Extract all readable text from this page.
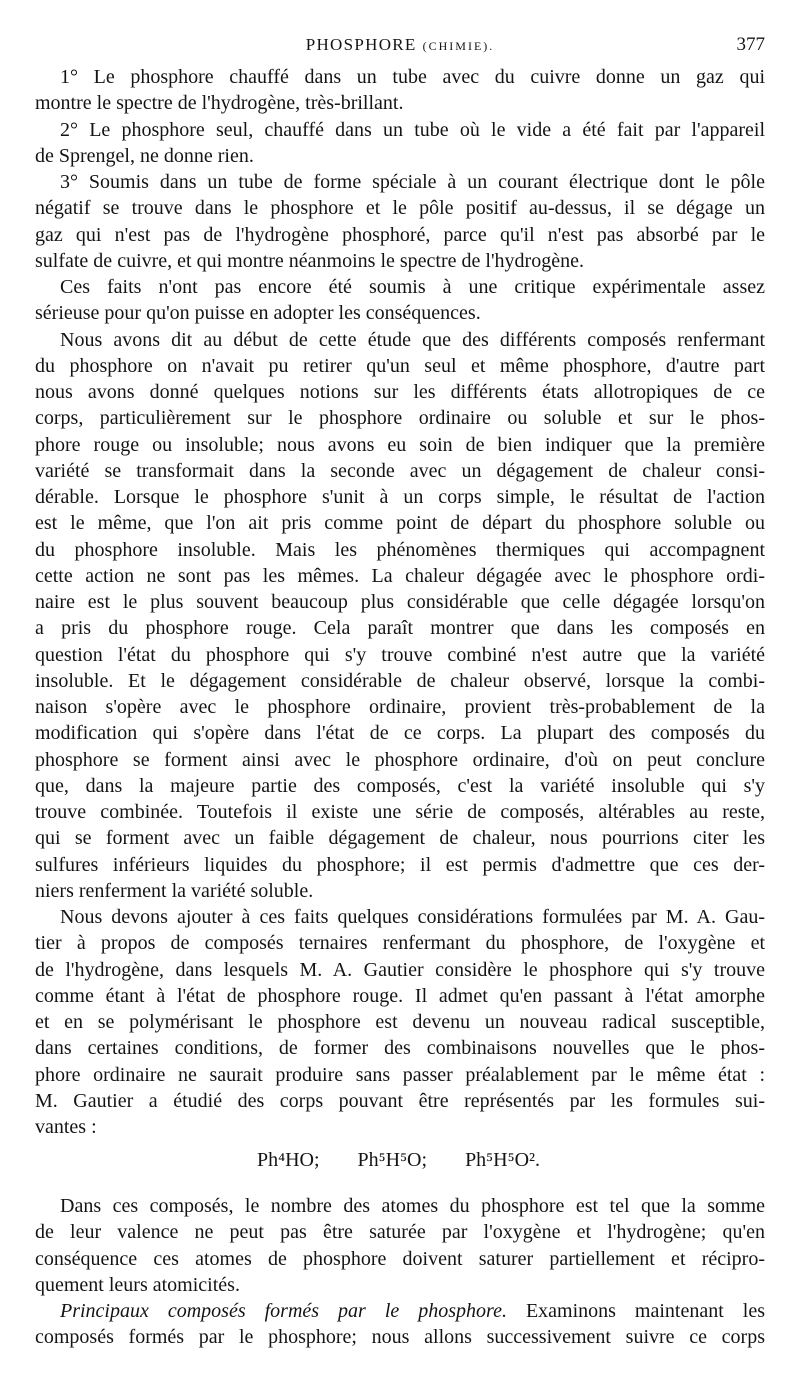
PHOSPHORE (CHIMIE).	377
1° Le phosphore chauffé dans un tube avec du cuivre donne un gaz qui
montre le spectre de l'hydrogène, très-brillant.
2° Le phosphore seul, chauffé dans un tube où le vide a été fait par l'appareil
de Sprengel, ne donne rien.
3° Soumis dans un tube de forme spéciale à un courant électrique dont le pôle
négatif se trouve dans le phosphore et le pôle positif au-dessus, il se dégage un
gaz qui n'est pas de l'hydrogène phosphoré, parce qu'il n'est pas absorbé par le
sulfate de cuivre, et qui montre néanmoins le spectre de l'hydrogène.
Ces faits n'ont pas encore été soumis à une critique expérimentale assez
sérieuse pour qu'on puisse en adopter les conséquences.
Nous avons dit au début de cette étude que des différents composés renfermant
du phosphore on n'avait pu retirer qu'un seul et même phosphore, d'autre part
nous avons donné quelques notions sur les différents états allotropiques de ce
corps, particulièrement sur le phosphore ordinaire ou soluble et sur le phos-
phore rouge ou insoluble; nous avons eu soin de bien indiquer que la première
variété se transformait dans la seconde avec un dégagement de chaleur consi-
dérable. Lorsque le phosphore s'unit à un corps simple, le résultat de l'action
est le même, que l'on ait pris comme point de départ du phosphore soluble ou
du phosphore insoluble. Mais les phénomènes thermiques qui accompagnent
cette action ne sont pas les mêmes. La chaleur dégagée avec le phosphore ordi-
naire est le plus souvent beaucoup plus considérable que celle dégagée lorsqu'on
a pris du phosphore rouge. Cela paraît montrer que dans les composés en
question l'état du phosphore qui s'y trouve combiné n'est autre que la variété
insoluble. Et le dégagement considérable de chaleur observé, lorsque la combi-
naison s'opère avec le phosphore ordinaire, provient très-probablement de la
modification qui s'opère dans l'état de ce corps. La plupart des composés du
phosphore se forment ainsi avec le phosphore ordinaire, d'où on peut conclure
que, dans la majeure partie des composés, c'est la variété insoluble qui s'y
trouve combinée. Toutefois il existe une série de composés, altérables au reste,
qui se forment avec un faible dégagement de chaleur, nous pourrions citer les
sulfures inférieurs liquides du phosphore; il est permis d'admettre que ces der-
niers renferment la variété soluble.
Nous devons ajouter à ces faits quelques considérations formulées par M. A. Gau-
tier à propos de composés ternaires renfermant du phosphore, de l'oxygène et
de l'hydrogène, dans lesquels M. A. Gautier considère le phosphore qui s'y trouve
comme étant à l'état de phosphore rouge. Il admet qu'en passant à l'état amorphe
et en se polymérisant le phosphore est devenu un nouveau radical susceptible,
dans certaines conditions, de former des combinaisons nouvelles que le phos-
phore ordinaire ne saurait produire sans passer préalablement par le même état :
M. Gautier a étudié des corps pouvant être représentés par les formules sui-
vantes :
Ph⁴HO; Ph⁵H⁵O; Ph⁵H⁵O².
Dans ces composés, le nombre des atomes du phosphore est tel que la somme
de leur valence ne peut pas être saturée par l'oxygène et l'hydrogène; qu'en
conséquence ces atomes de phosphore doivent saturer partiellement et récipro-
quement leurs atomicités.
Principaux composés formés par le phosphore. Examinons maintenant les
composés formés par le phosphore; nous allons successivement suivre ce corps
